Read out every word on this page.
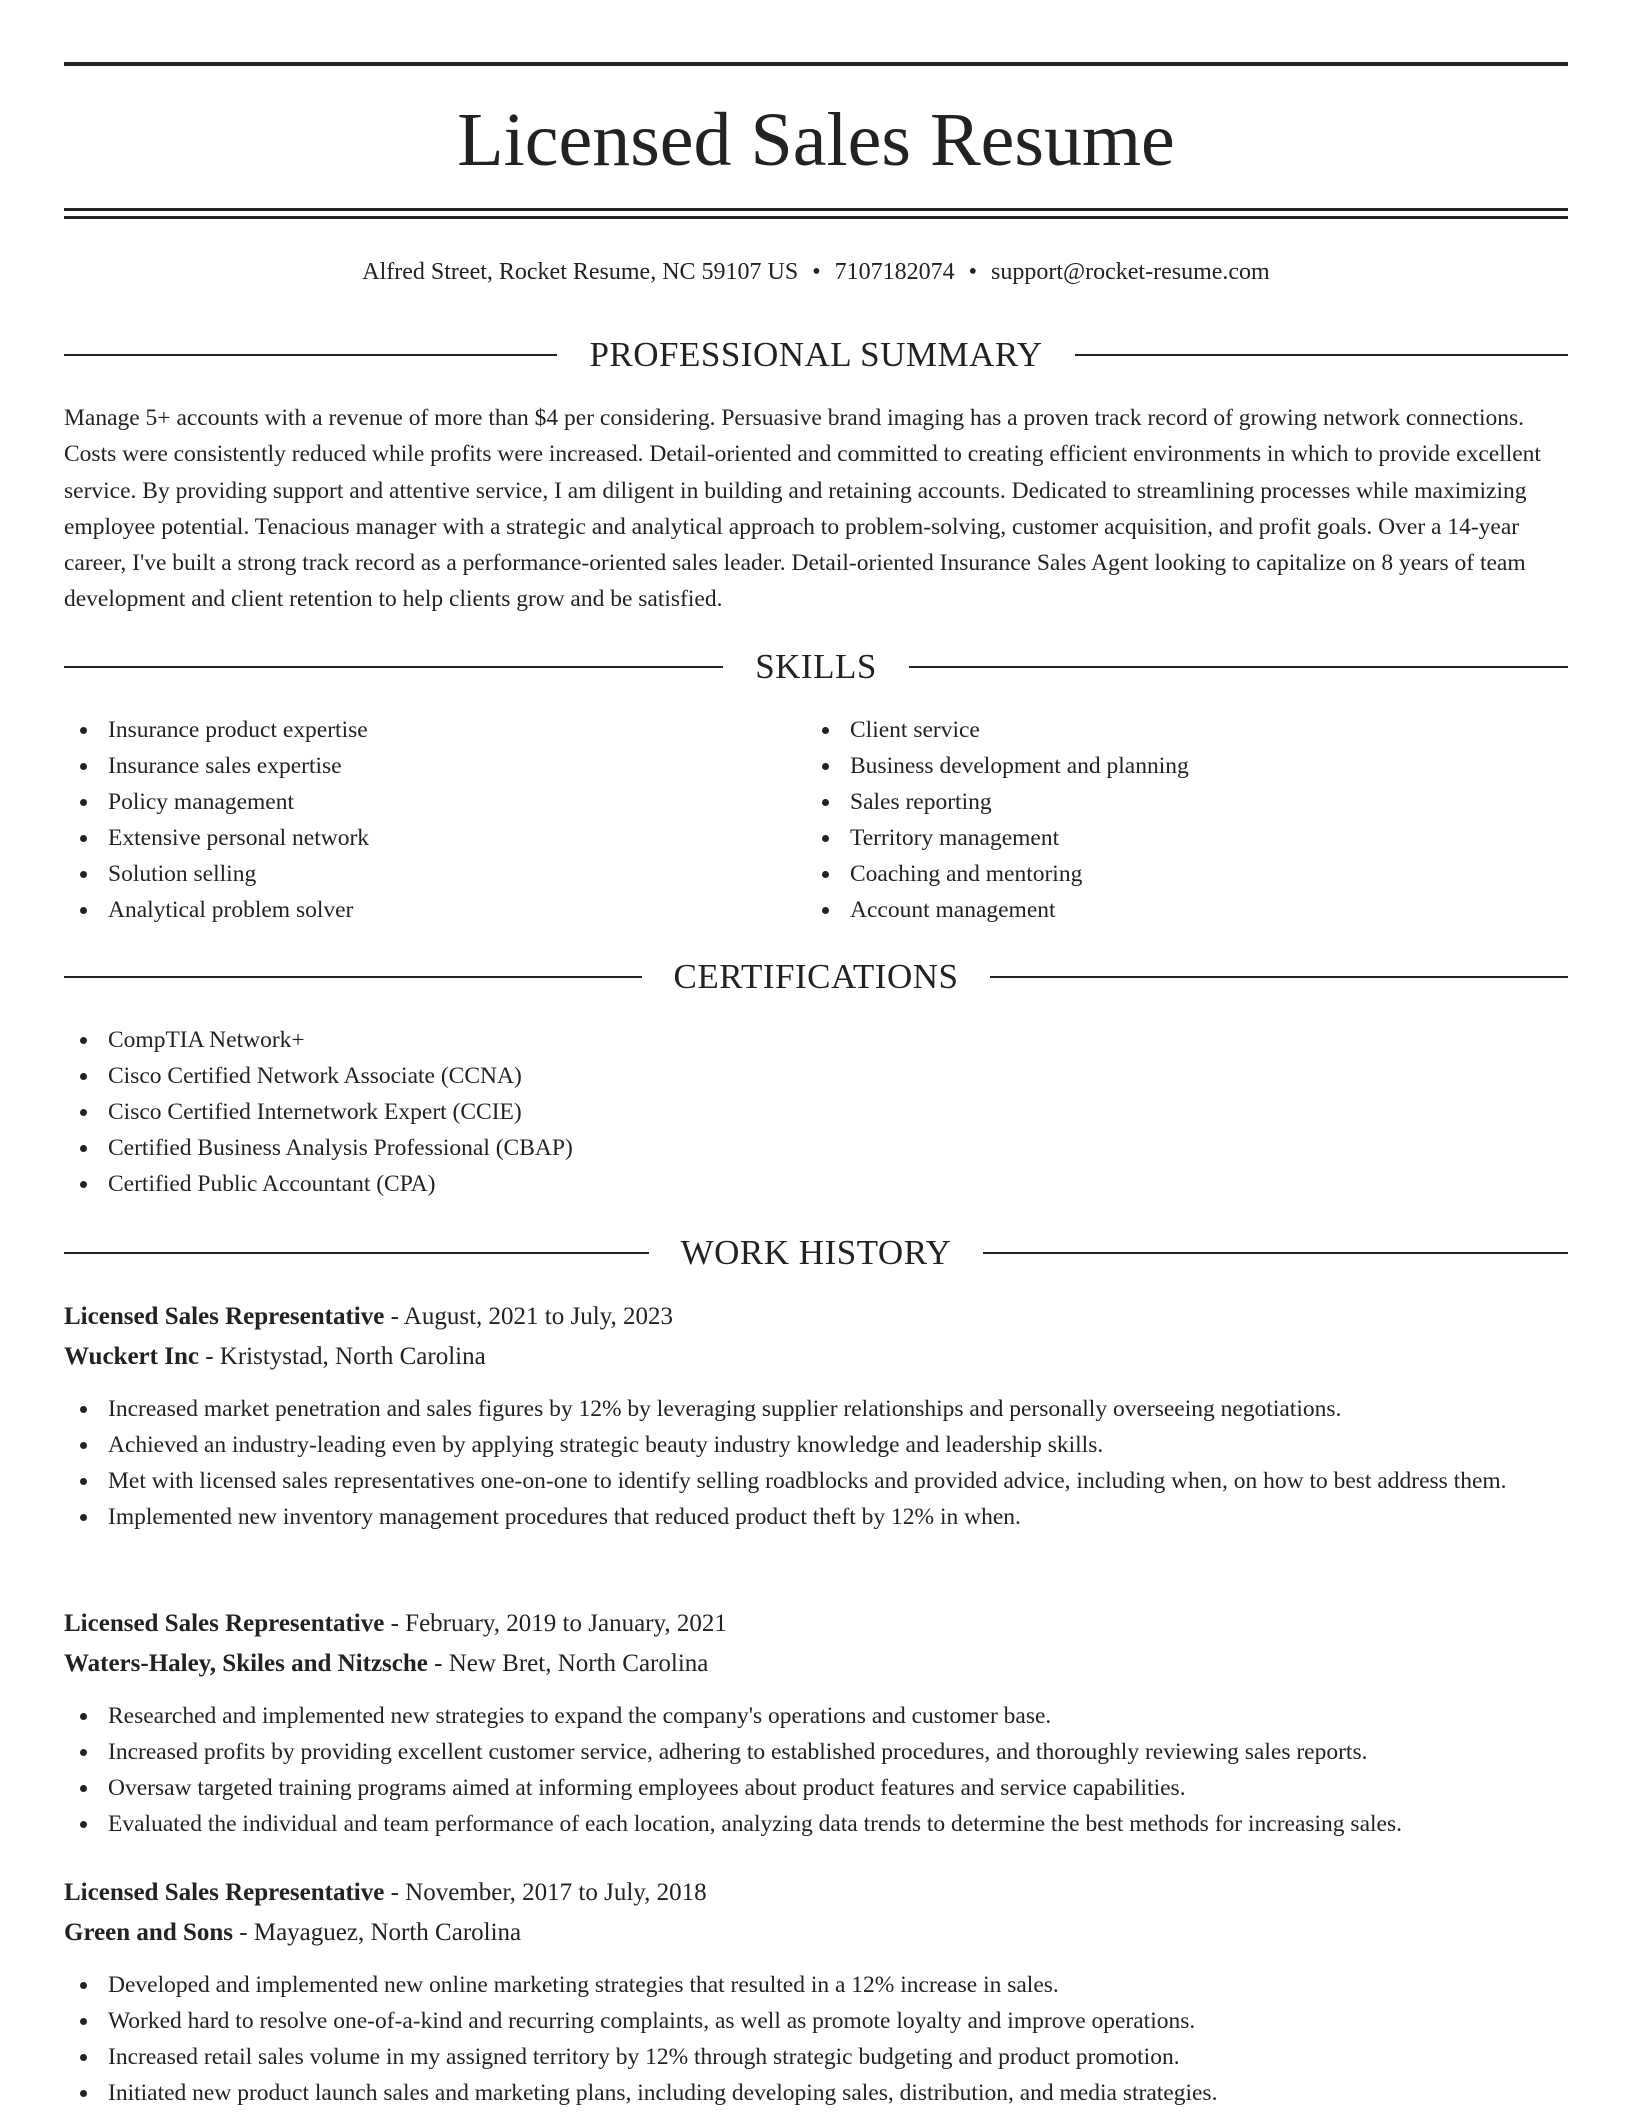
Licensed Sales Resume
Alfred Street, Rocket Resume, NC 59107 US • 7107182074 • support@rocket-resume.com
PROFESSIONAL SUMMARY
Manage 5+ accounts with a revenue of more than $4 per considering. Persuasive brand imaging has a proven track record of growing network connections. Costs were consistently reduced while profits were increased. Detail-oriented and committed to creating efficient environments in which to provide excellent service. By providing support and attentive service, I am diligent in building and retaining accounts. Dedicated to streamlining processes while maximizing employee potential. Tenacious manager with a strategic and analytical approach to problem-solving, customer acquisition, and profit goals. Over a 14-year career, I've built a strong track record as a performance-oriented sales leader. Detail-oriented Insurance Sales Agent looking to capitalize on 8 years of team development and client retention to help clients grow and be satisfied.
SKILLS
Insurance product expertise
Insurance sales expertise
Policy management
Extensive personal network
Solution selling
Analytical problem solver
Client service
Business development and planning
Sales reporting
Territory management
Coaching and mentoring
Account management
CERTIFICATIONS
CompTIA Network+
Cisco Certified Network Associate (CCNA)
Cisco Certified Internetwork Expert (CCIE)
Certified Business Analysis Professional (CBAP)
Certified Public Accountant (CPA)
WORK HISTORY
Licensed Sales Representative - August, 2021 to July, 2023
Wuckert Inc - Kristystad, North Carolina
Increased market penetration and sales figures by 12% by leveraging supplier relationships and personally overseeing negotiations.
Achieved an industry-leading even by applying strategic beauty industry knowledge and leadership skills.
Met with licensed sales representatives one-on-one to identify selling roadblocks and provided advice, including when, on how to best address them.
Implemented new inventory management procedures that reduced product theft by 12% in when.
Licensed Sales Representative - February, 2019 to January, 2021
Waters-Haley, Skiles and Nitzsche - New Bret, North Carolina
Researched and implemented new strategies to expand the company's operations and customer base.
Increased profits by providing excellent customer service, adhering to established procedures, and thoroughly reviewing sales reports.
Oversaw targeted training programs aimed at informing employees about product features and service capabilities.
Evaluated the individual and team performance of each location, analyzing data trends to determine the best methods for increasing sales.
Licensed Sales Representative - November, 2017 to July, 2018
Green and Sons - Mayaguez, North Carolina
Developed and implemented new online marketing strategies that resulted in a 12% increase in sales.
Worked hard to resolve one-of-a-kind and recurring complaints, as well as promote loyalty and improve operations.
Increased retail sales volume in my assigned territory by 12% through strategic budgeting and product promotion.
Initiated new product launch sales and marketing plans, including developing sales, distribution, and media strategies.
